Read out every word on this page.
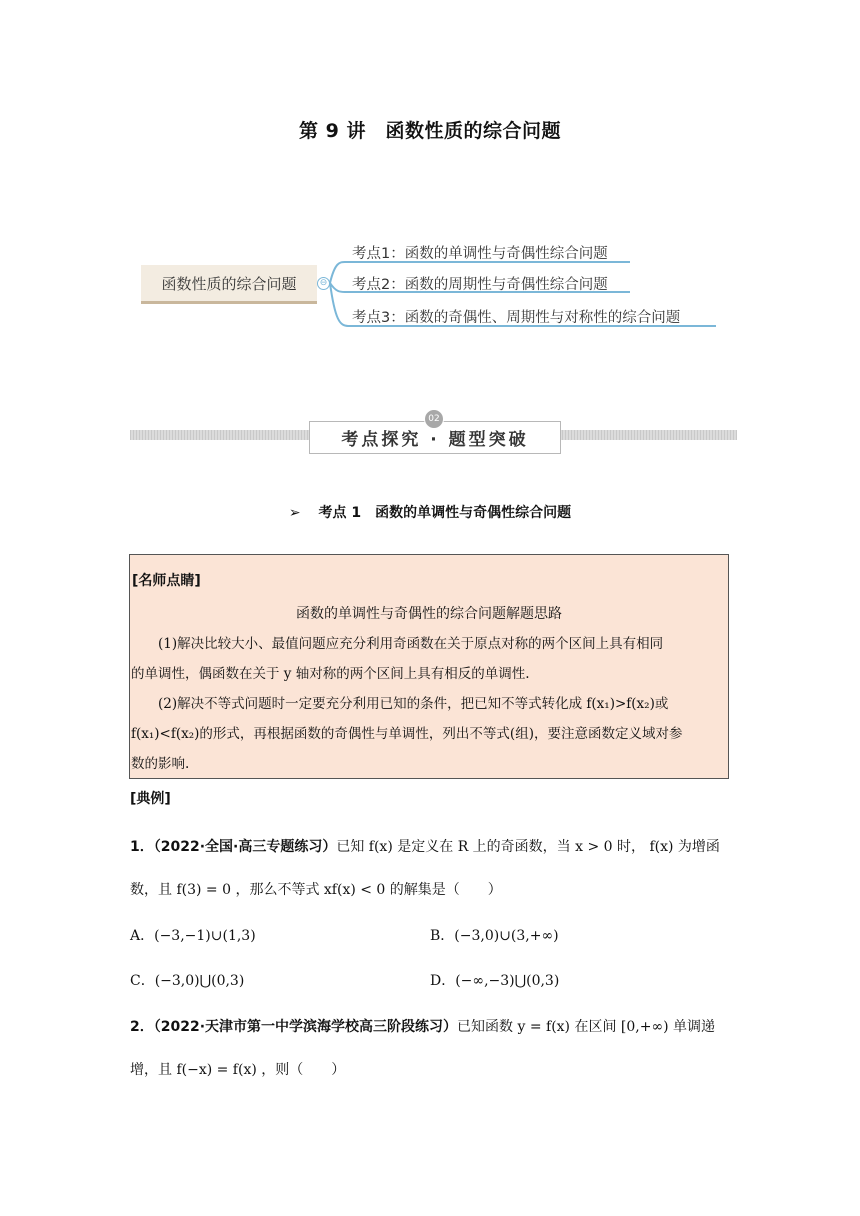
第 9 讲　函数性质的综合问题
函数性质的综合问题	⊖
考点1：函数的单调性与奇偶性综合问题
考点2：函数的周期性与奇偶性综合问题
考点3：函数的奇偶性、周期性与对称性的综合问题
考点探究 · 题型突破
02
➢ 考点 1　函数的单调性与奇偶性综合问题
[名师点睛]
函数的单调性与奇偶性的综合问题解题思路
(1)解决比较大小、最值问题应充分利用奇函数在关于原点对称的两个区间上具有相同
的单调性，偶函数在关于 y 轴对称的两个区间上具有相反的单调性.
(2)解决不等式问题时一定要充分利用已知的条件，把已知不等式转化成 f(x₁)>f(x₂)或
f(x₁)<f(x₂)的形式，再根据函数的奇偶性与单调性，列出不等式(组)，要注意函数定义域对参
数的影响.
[典例]
1．（2022·全国·高三专题练习）已知 f(x) 是定义在 R 上的奇函数，当 x > 0 时， f(x) 为增函
数，且 f(3) = 0 ，那么不等式 xf(x) < 0 的解集是（　　）
A．(−3,−1)∪(1,3)	B．(−3,0)∪(3,+∞)
C．(−3,0)⋃(0,3)	D．(−∞,−3)⋃(0,3)
2．（2022·天津市第一中学滨海学校高三阶段练习）已知函数 y = f(x) 在区间 [0,+∞) 单调递
增，且 f(−x) = f(x) ，则（　　）
